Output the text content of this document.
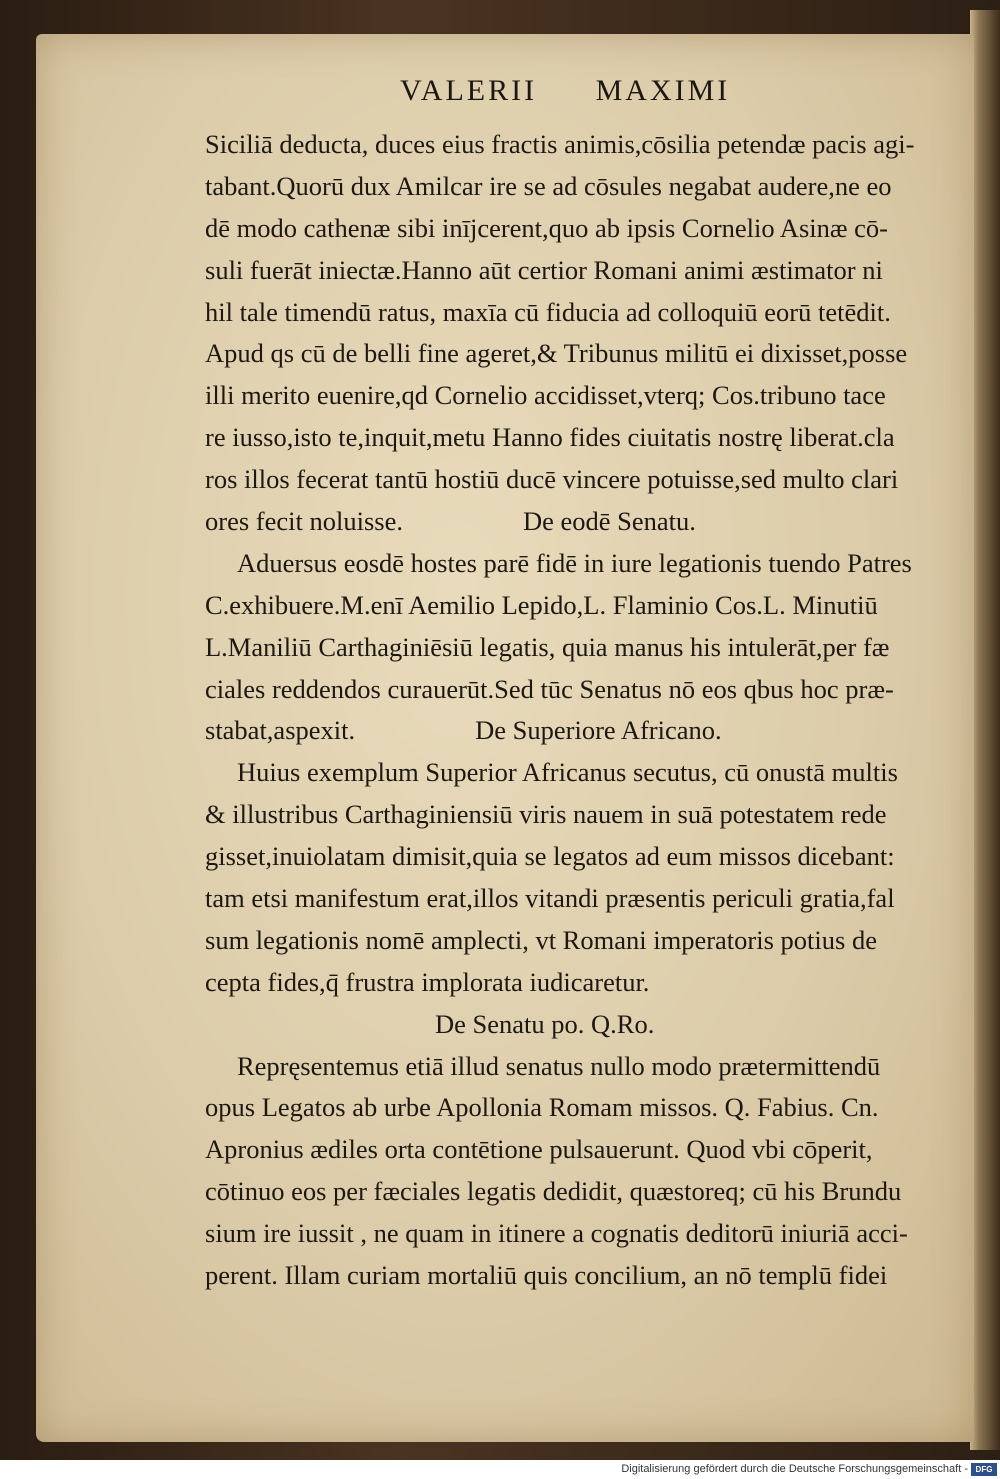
VALERII MAXIMI
Siciliā deducta, duces eius fractis animis,cōsilia petendæ pacis agi-
tabant.Quorū dux Amilcar ire se ad cōsules negabat audere,ne eo
dē modo cathenæ sibi inījcerent,quo ab ipsis Cornelio Asinæ cō-
suli fuerāt iniectæ.Hanno aūt certior Romani animi æstimator ni
hil tale timendū ratus, maxīa cū fiducia ad colloquiū eorū tetēdit.
Apud qs cū de belli fine ageret,& Tribunus militū ei dixisset,posse
illi merito euenire,qd Cornelio accidisset,vterq; Cos.tribuno tace
re iusso,isto te,inquit,metu Hanno fides ciuitatis nostrę liberat.cla
ros illos fecerat tantū hostiū ducē vincere potuisse,sed multo clari
ores fecit noluisse.	De eodē Senatu.
Aduersus eosdē hostes parē fidē in iure legationis tuendo Patres
C.exhibuere.M.enī Aemilio Lepido,L. Flaminio Cos.L. Minutiū
L.Maniliū Carthaginiēsiū legatis, quia manus his intulerāt,per fæ
ciales reddendos curauerūt.Sed tūc Senatus nō eos qbus hoc præ-
stabat,aspexit.	De Superiore Africano.
Huius exemplum Superior Africanus secutus, cū onustā multis
& illustribus Carthaginiensiū viris nauem in suā potestatem rede
gisset,inuiolatam dimisit,quia se legatos ad eum missos dicebant:
tam etsi manifestum erat,illos vitandi præsentis periculi gratia,fal
sum legationis nomē amplecti, vt Romani imperatoris potius de
cepta fides,q̄ frustra implorata iudicaretur.
De Senatu po. Q.Ro.
Repręsentemus etiā illud senatus nullo modo prætermittendū
opus Legatos ab urbe Apollonia Romam missos. Q. Fabius. Cn.
Apronius ædiles orta contētione pulsauerunt. Quod vbi cōperit,
cōtinuo eos per fæciales legatis dedidit, quæstoreq; cū his Brundu
sium ire iussit , ne quam in itinere a cognatis deditorū iniuriā acci-
perent. Illam curiam mortaliū quis concilium, an nō templū fidei
Digitalisierung gefördert durch die Deutsche Forschungsgemeinschaft - DFG
